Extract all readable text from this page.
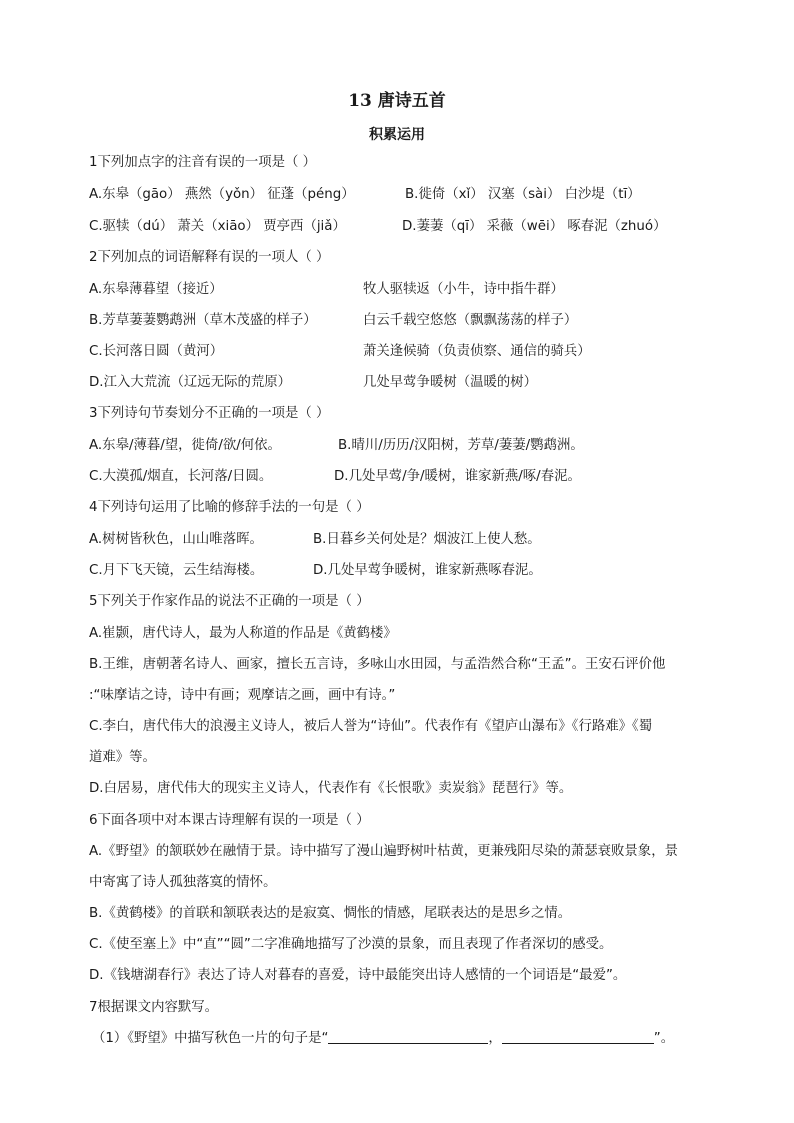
13 唐诗五首
积累运用
1下列加点字的注音有误的一项是（ ）
A.东皋（gāo） 燕然（yǒn） 征蓬（péng）	B.徙倚（xǐ） 汉塞（sài） 白沙堤（tī）
C.驱犊（dú） 萧关（xiāo） 贾亭西（jiǎ）	D.萋萋（qī） 采薇（wēi） 啄春泥（zhuó）
2下列加点的词语解释有误的一项人（ ）
A.东皋薄暮望（接近）	牧人驱犊返（小牛，诗中指牛群）
B.芳草萋萋鹦鹉洲（草木茂盛的样子）	白云千载空悠悠（飘飘荡荡的样子）
C.长河落日圆（黄河）	萧关逢候骑（负责侦察、通信的骑兵）
D.江入大荒流（辽远无际的荒原）	几处早莺争暖树（温暖的树）
3下列诗句节奏划分不正确的一项是（ ）
A.东皋/薄暮/望，徙倚/欲/何依。	B.晴川/历历/汉阳树，芳草/萋萋/鹦鹉洲。
C.大漠孤/烟直，长河落/日圆。	D.几处早莺/争/暖树，谁家新燕/啄/春泥。
4下列诗句运用了比喻的修辞手法的一句是（ ）
A.树树皆秋色，山山唯落晖。	B.日暮乡关何处是？烟波江上使人愁。
C.月下飞天镜，云生结海楼。	D.几处早莺争暖树，谁家新燕啄春泥。
5下列关于作家作品的说法不正确的一项是（ ）
A.崔颢，唐代诗人，最为人称道的作品是《黄鹤楼》
B.王维，唐朝著名诗人、画家，擅长五言诗，多咏山水田园，与孟浩然合称“王孟”。王安石评价他
:“味摩诘之诗，诗中有画；观摩诘之画，画中有诗。”
C.李白，唐代伟大的浪漫主义诗人，被后人誉为“诗仙”。代表作有《望庐山瀑布》《行路难》《蜀
道难》等。
D.白居易，唐代伟大的现实主义诗人，代表作有《长恨歌》卖炭翁》琵琶行》等。
6下面各项中对本课古诗理解有误的一项是（ ）
A.《野望》的颔联妙在融情于景。诗中描写了漫山遍野树叶枯黄，更兼残阳尽染的萧瑟衰败景象，景
中寄寓了诗人孤独落寞的情怀。
B.《黄鹤楼》的首联和颔联表达的是寂寞、惆怅的情感，尾联表达的是思乡之情。
C.《使至塞上》中“直”“圆”二字准确地描写了沙漠的景象，而且表现了作者深切的感受。
D.《钱塘湖春行》表达了诗人对暮春的喜爱，诗中最能突出诗人感情的一个词语是“最爱”。
7根据课文内容默写。
（1）《野望》中描写秋色一片的句子是“	，	”。
